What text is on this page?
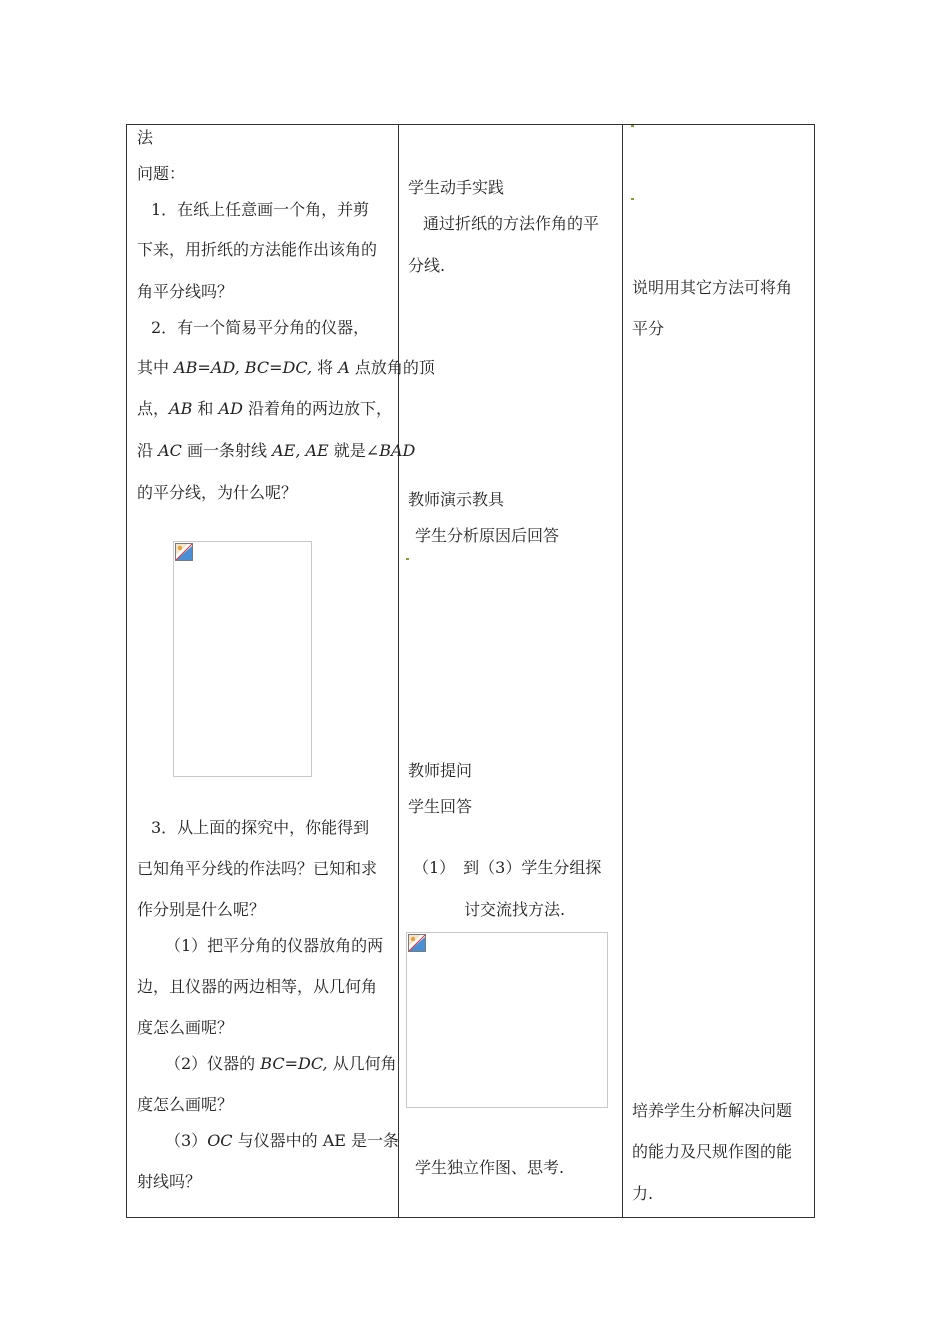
法
问题：
1．在纸上任意画一个角，并剪
下来，用折纸的方法能作出该角的
角平分线吗？
2．有一个简易平分角的仪器，
其中 AB=AD, BC=DC, 将 A 点放角的顶
点，AB 和 AD 沿着角的两边放下，
沿 AC 画一条射线 AE, AE 就是∠BAD
的平分线，为什么呢？
3．从上面的探究中，你能得到
已知角平分线的作法吗？已知和求
作分别是什么呢？
（1）把平分角的仪器放角的两
边，且仪器的两边相等，从几何角
度怎么画呢？
（2）仪器的 BC=DC, 从几何角
度怎么画呢？
（3）OC 与仪器中的 AE 是一条
射线吗？
学生动手实践
通过折纸的方法作角的平
分线.
教师演示教具
学生分析原因后回答
教师提问
学生回答
（1）　到（3）学生分组探
讨交流找方法.
学生独立作图、思考.
说明用其它方法可将角
平分
培养学生分析解决问题
的能力及尺规作图的能
力.
